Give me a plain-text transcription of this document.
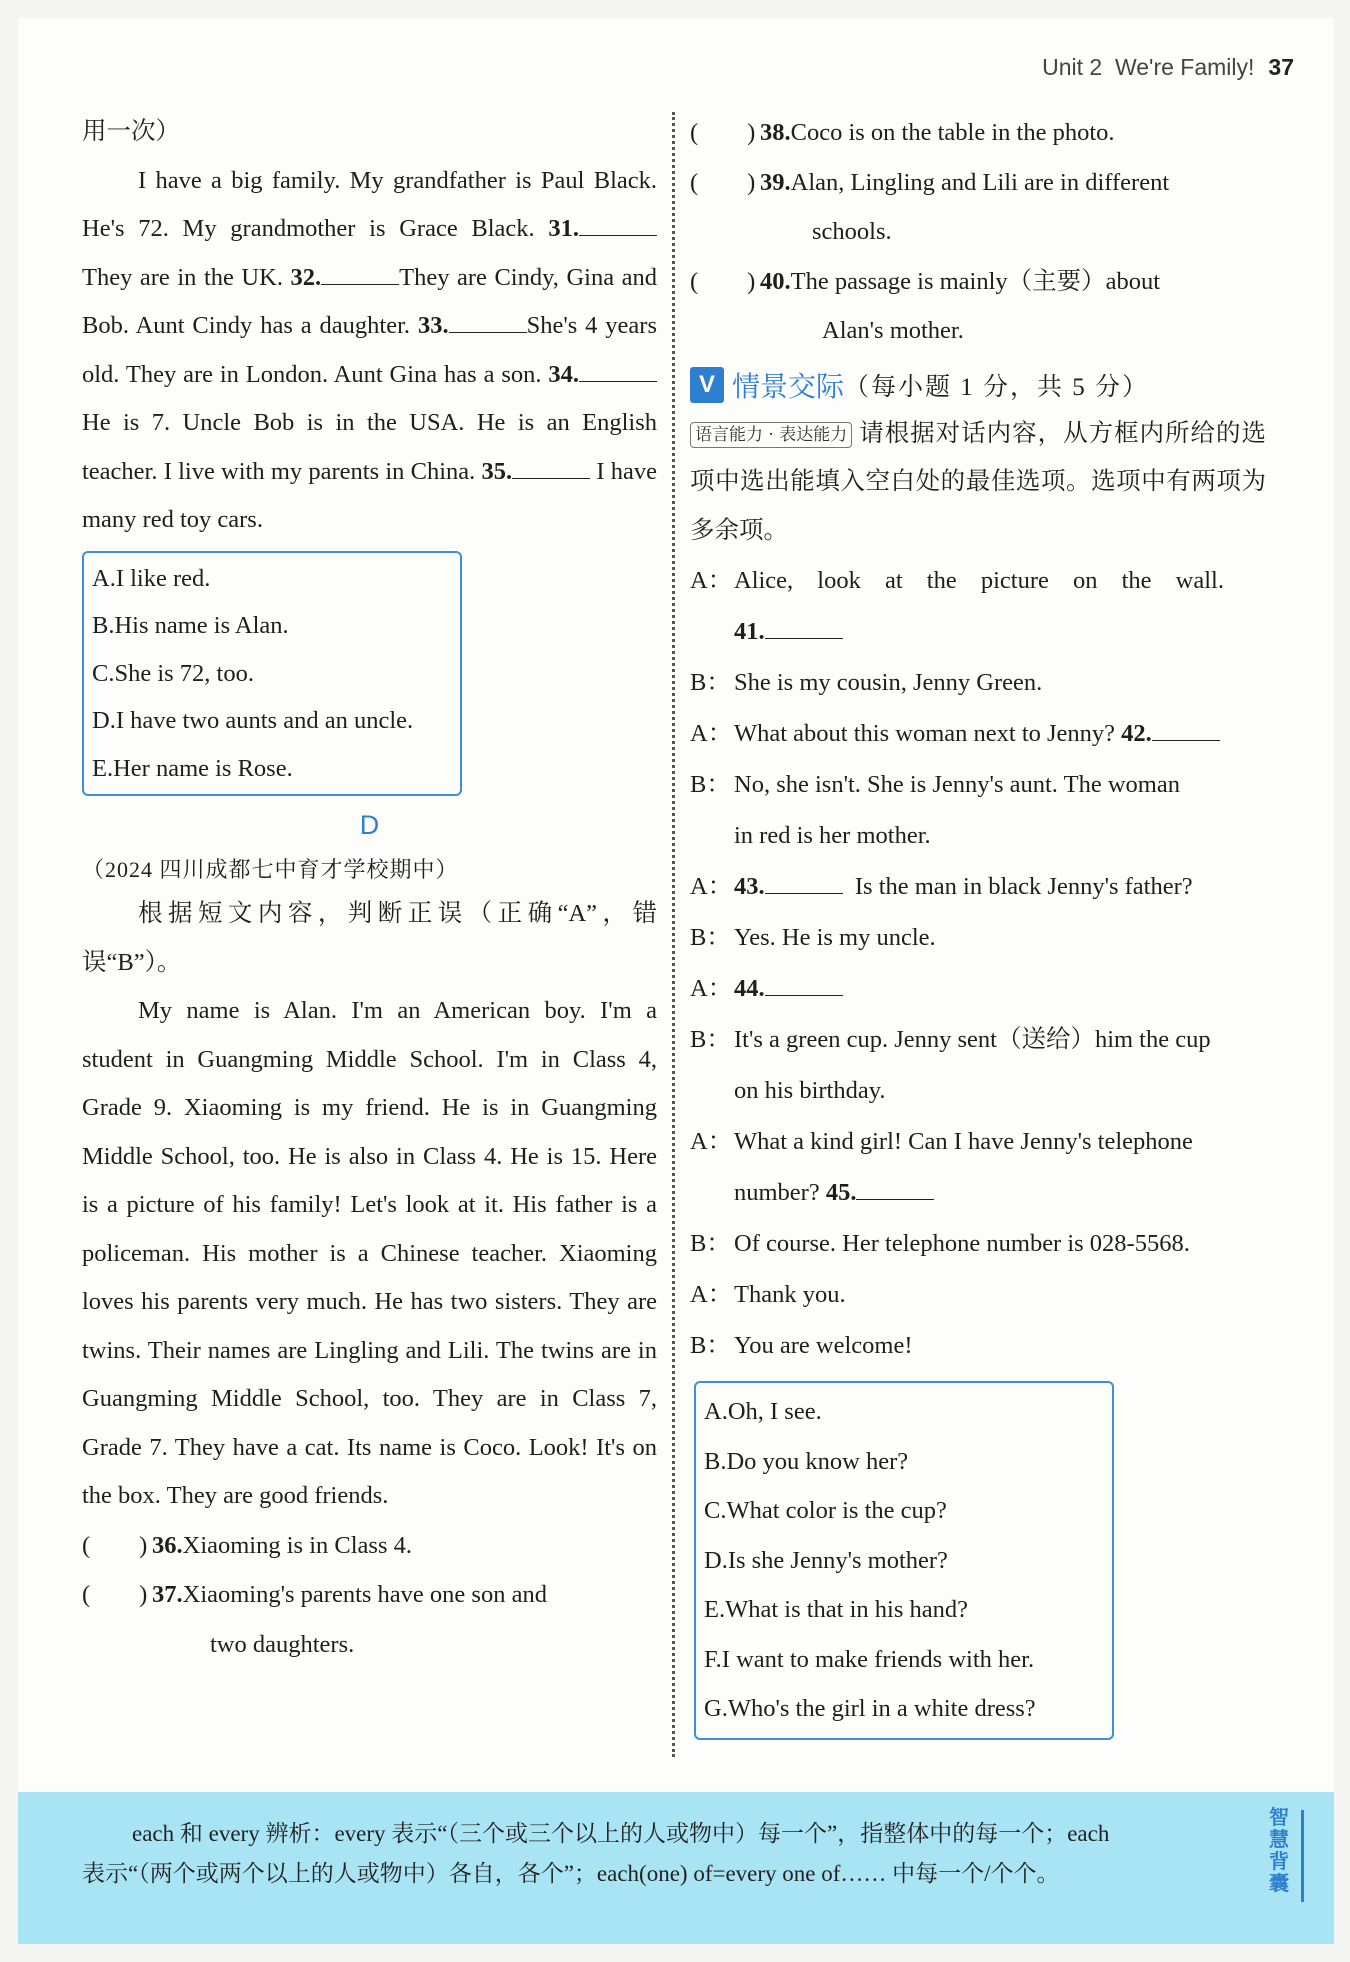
Unit 2 We're Family! 37

用一次）

I have a big family. My grandfather is Paul Black. He's 72. My grandmother is Grace Black. 31. They are in the UK. 32.	They are Cindy, Gina and Bob. Aunt Cindy has a daughter. 33.	She's 4 years old. They are in London. Aunt Gina has a son. 34.He is 7. Uncle Bob is in the USA. He is an English teacher. I live with my parents in China. 35.	I have many red toy cars.

A.I like red.
B.His name is Alan.
C.She is 72, too.
D.I have two aunts and an uncle.
E.Her name is Rose.
D
（2024 四川成都七中育才学校期中）

根据短文内容，判断正误（正确“A”，错误“B”）。

My name is Alan. I'm an American boy. I'm a student in Guangming Middle School. I'm in Class 4, Grade 9. Xiaoming is my friend. He is in Guangming Middle School, too. He is also in Class 4. He is 15. Here is a picture of his family! Let's look at it. His father is a policeman. His mother is a Chinese teacher. Xiaoming loves his parents very much. He has two sisters. They are twins. Their names are Lingling and Lili. The twins are in Guangming Middle School, too. They are in Class 7, Grade 7. They have a cat. Its name is Coco. Look! It's on the box. They are good friends.

(　　) 36.Xiaoming is in Class 4.
(　　) 37.Xiaoming's parents have one son and
two daughters.
(　　) 38.Coco is on the table in the photo.
(　　) 39.Alan, Lingling and Lili are in different
schools.
(　　) 40.The passage is mainly（主要）about
Alan's mother.
V 情景交际 （每小题 1 分，共 5 分）

语言能力 · 表达能力 请根据对话内容，从方框内所给的选项中选出能填入空白处的最佳选项。选项中有两项为多余项。

A： Alice, look at the picture on the wall.
41.
B： She is my cousin, Jenny Green.
A： What about this woman next to Jenny? 42.
B： No, she isn't. She is Jenny's aunt. The woman
in red is her mother.
A： 43.	Is the man in black Jenny's father?
B： Yes. He is my uncle.
A： 44.
B： It's a green cup. Jenny sent（送给）him the cup
on his birthday.
A： What a kind girl! Can I have Jenny's telephone
number? 45.
B： Of course. Her telephone number is 028-5568.
A： Thank you.
B： You are welcome!
A.Oh, I see.
B.Do you know her?
C.What color is the cup?
D.Is she Jenny's mother?
E.What is that in his hand?
F.I want to make friends with her.
G.Who's the girl in a white dress?
each 和 every 辨析：every 表示“（三个或三个以上的人或物中）每一个”，指整体中的每一个；each
表示“（两个或两个以上的人或物中）各自，各个”；each(one) of=every one of…… 中每一个/个个。
智慧背囊
